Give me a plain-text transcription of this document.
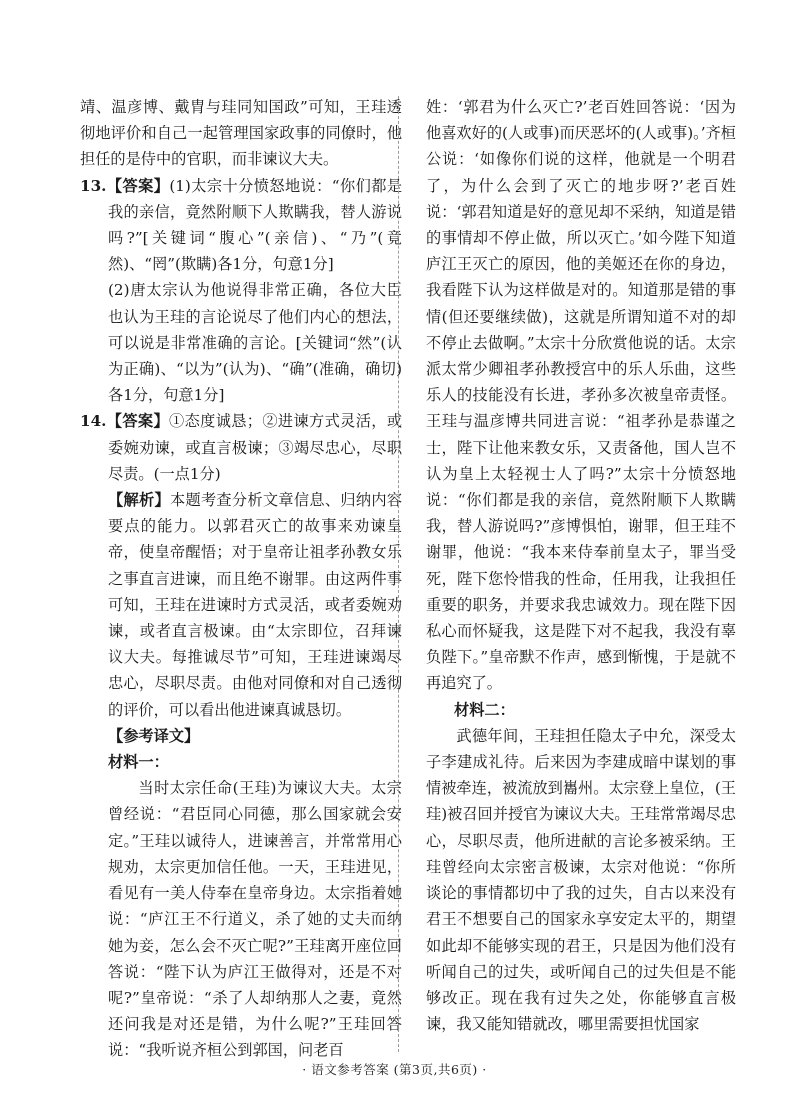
靖、温彦博、戴胄与珪同知国政”可知，王珪透彻地评价和自己一起管理国家政事的同僚时，他担任的是侍中的官职，而非谏议大夫。

13.【答案】(1)太宗十分愤怒地说：“你们都是我的亲信，竟然附顺下人欺瞒我，替人游说吗?”[关键词“腹心”(亲信)、“乃”(竟然)、“罔”(欺瞒)各1分，句意1分]

(2)唐太宗认为他说得非常正确，各位大臣也认为王珪的言论说尽了他们内心的想法，可以说是非常准确的言论。[关键词“然”(认为正确)、“以为”(认为)、“确”(准确，确切)各1分，句意1分]

14.【答案】①态度诚恳；②进谏方式灵活，或委婉劝谏，或直言极谏；③竭尽忠心，尽职尽责。(一点1分)

【解析】本题考查分析文章信息、归纳内容要点的能力。以郭君灭亡的故事来劝谏皇帝，使皇帝醒悟；对于皇帝让祖孝孙教女乐之事直言进谏，而且绝不谢罪。由这两件事可知，王珪在进谏时方式灵活，或者委婉劝谏，或者直言极谏。由“太宗即位，召拜谏议大夫。每推诚尽节”可知，王珪进谏竭尽忠心，尽职尽责。由他对同僚和对自己透彻的评价，可以看出他进谏真诚恳切。

【参考译文】

材料一：

当时太宗任命(王珪)为谏议大夫。太宗曾经说：“君臣同心同德，那么国家就会安定。”王珪以诚待人，进谏善言，并常常用心规劝，太宗更加信任他。一天，王珪进见，看见有一美人侍奉在皇帝身边。太宗指着她说：“庐江王不行道义，杀了她的丈夫而纳她为妾，怎么会不灭亡呢?”王珪离开座位回答说：“陛下认为庐江王做得对，还是不对呢?”皇帝说：“杀了人却纳那人之妻，竟然还问我是对还是错，为什么呢?”王珪回答说：“我听说齐桓公到郭国，问老百

姓：‘郭君为什么灭亡?’老百姓回答说：‘因为他喜欢好的(人或事)而厌恶坏的(人或事)。’齐桓公说：‘如像你们说的这样，他就是一个明君了，为什么会到了灭亡的地步呀?’老百姓说：‘郭君知道是好的意见却不采纳，知道是错的事情却不停止做，所以灭亡。’如今陛下知道庐江王灭亡的原因，他的美姬还在你的身边，我看陛下认为这样做是对的。知道那是错的事情(但还要继续做)，这就是所谓知道不对的却不停止去做啊。”太宗十分欣赏他说的话。太宗派太常少卿祖孝孙教授宫中的乐人乐曲，这些乐人的技能没有长进，孝孙多次被皇帝责怪。王珪与温彦博共同进言说：“祖孝孙是恭谨之士，陛下让他来教女乐，又责备他，国人岂不认为皇上太轻视士人了吗?”太宗十分愤怒地说：“你们都是我的亲信，竟然附顺下人欺瞒我，替人游说吗?”彦博惧怕，谢罪，但王珪不谢罪，他说：“我本来侍奉前皇太子，罪当受死，陛下您怜惜我的性命，任用我，让我担任重要的职务，并要求我忠诚效力。现在陛下因私心而怀疑我，这是陛下对不起我，我没有辜负陛下。”皇帝默不作声，感到惭愧，于是就不再追究了。

材料二：

武德年间，王珪担任隐太子中允，深受太子李建成礼待。后来因为李建成暗中谋划的事情被牵连，被流放到巂州。太宗登上皇位，(王珪)被召回并授官为谏议大夫。王珪常常竭尽忠心，尽职尽责，他所进献的言论多被采纳。王珪曾经向太宗密言极谏，太宗对他说：“你所谈论的事情都切中了我的过失，自古以来没有君王不想要自己的国家永享安定太平的，期望如此却不能够实现的君王，只是因为他们没有听闻自己的过失，或听闻自己的过失但是不能够改正。现在我有过失之处，你能够直言极谏，我又能知错就改，哪里需要担忧国家

· 语文参考答案 (第3页,共6页) ·
